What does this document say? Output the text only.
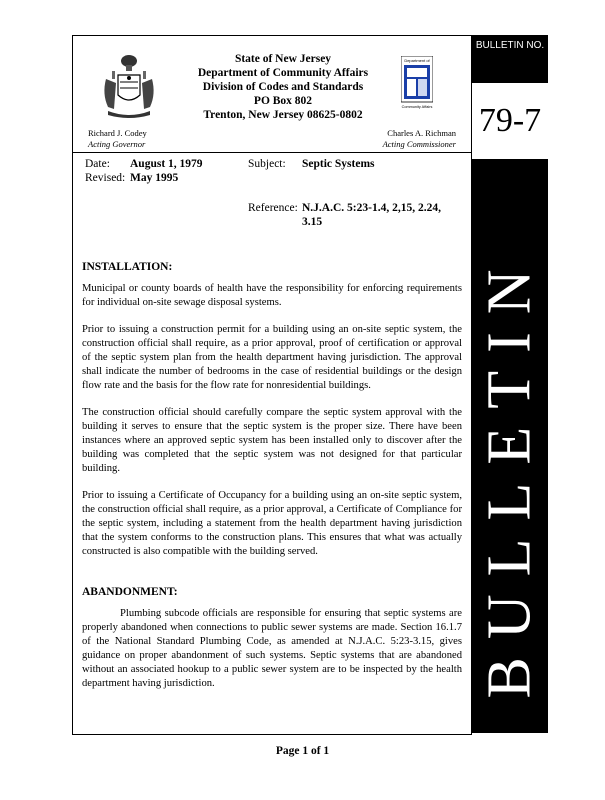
BULLETIN NO.
79-7
BULLETIN
Department of
Community Affairs
State of New Jersey
Department of Community Affairs
Division of Codes and Standards
PO Box 802
Trenton, New Jersey 08625-0802
Richard J. Codey
Acting Governor
Charles A. Richman
Acting Commissioner
Date: August 1, 1979
Revised: May 1995
Subject: Septic Systems
Reference: N.J.A.C. 5:23-1.4, 2,15, 2.24, 3.15
INSTALLATION:

Municipal or county boards of health have the responsibility for enforcing requirements for individual on-site sewage disposal systems.

Prior to issuing a construction permit for a building using an on-site septic system, the construction official shall require, as a prior approval, proof of certification or approval of the septic system plan from the health department having jurisdiction. The approval shall indicate the number of bedrooms in the case of residential buildings or the design flow rate and the basis for the flow rate for nonresidential buildings.

The construction official should carefully compare the septic system approval with the building it serves to ensure that the septic system is the proper size. There have been instances where an approved septic system has been installed only to discover after the building was completed that the septic system was not designed for that particular building.

Prior to issuing a Certificate of Occupancy for a building using an on-site septic system, the construction official shall require, as a prior approval, a Certificate of Compliance for the septic system, including a statement from the health department having jurisdiction that the system conforms to the construction plans. This ensures that what was actually constructed is also compatible with the building served.

ABANDONMENT:

Plumbing subcode officials are responsible for ensuring that septic systems are properly abandoned when connections to public sewer systems are made. Section 16.1.7 of the National Standard Plumbing Code, as amended at N.J.A.C. 5:23-3.15, gives guidance on proper abandonment of such systems. Septic systems that are abandoned without an associated hookup to a public sewer system are to be inspected by the health department having jurisdiction.

Page 1 of 1
